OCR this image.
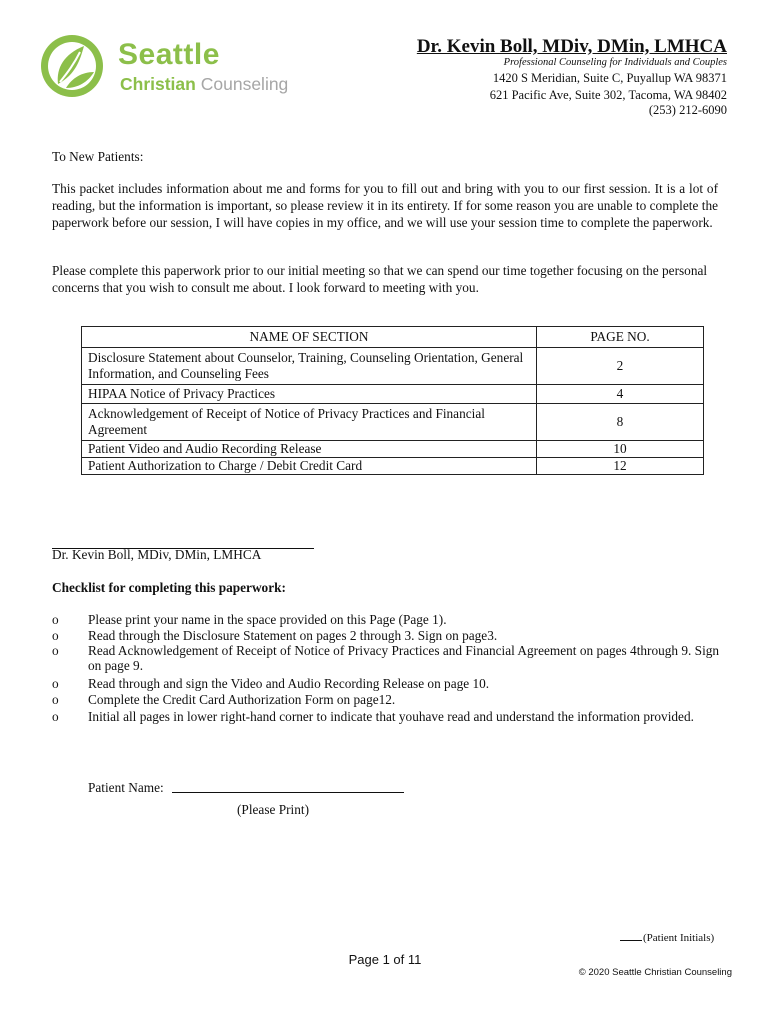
Seattle
Christian Counseling
Dr. Kevin Boll, MDiv, DMin, LMHCA
Professional Counseling for Individuals and Couples
1420 S Meridian, Suite C, Puyallup WA 98371
621 Pacific Ave, Suite 302, Tacoma, WA 98402
(253) 212-6090
To New Patients:
This packet includes information about me and forms for you to fill out and bring with you to our first session. It is a lot of reading, but the information is important, so please review it in its entirety. If for some reason you are unable to complete the paperwork before our session, I will have copies in my office, and we will use your session time to complete the paperwork.
Please complete this paperwork prior to our initial meeting so that we can spend our time together focusing on the personal concerns that you wish to consult me about. I look forward to meeting with you.
NAME OF SECTION	PAGE NO.
Disclosure Statement about Counselor, Training, Counseling Orientation, General Information, and Counseling Fees	2
HIPAA Notice of Privacy Practices	4
Acknowledgement of Receipt of Notice of Privacy Practices and Financial Agreement	8
Patient Video and Audio Recording Release	10
Patient Authorization to Charge / Debit Credit Card	12
Dr. Kevin Boll, MDiv, DMin, LMHCA
Checklist for completing this paperwork:
o Please print your name in the space provided on this Page (Page 1).
o Read through the Disclosure Statement on pages 2 through 3. Sign on page3.
o Read Acknowledgement of Receipt of Notice of Privacy Practices and Financial Agreement on pages 4through 9. Sign on page 9.
o Read through and sign the Video and Audio Recording Release on page 10.
o Complete the Credit Card Authorization Form on page12.
o Initial all pages in lower right-hand corner to indicate that youhave read and understand the information provided.
Patient Name:
(Please Print)
(Patient Initials)
Page 1 of 11
© 2020 Seattle Christian Counseling
